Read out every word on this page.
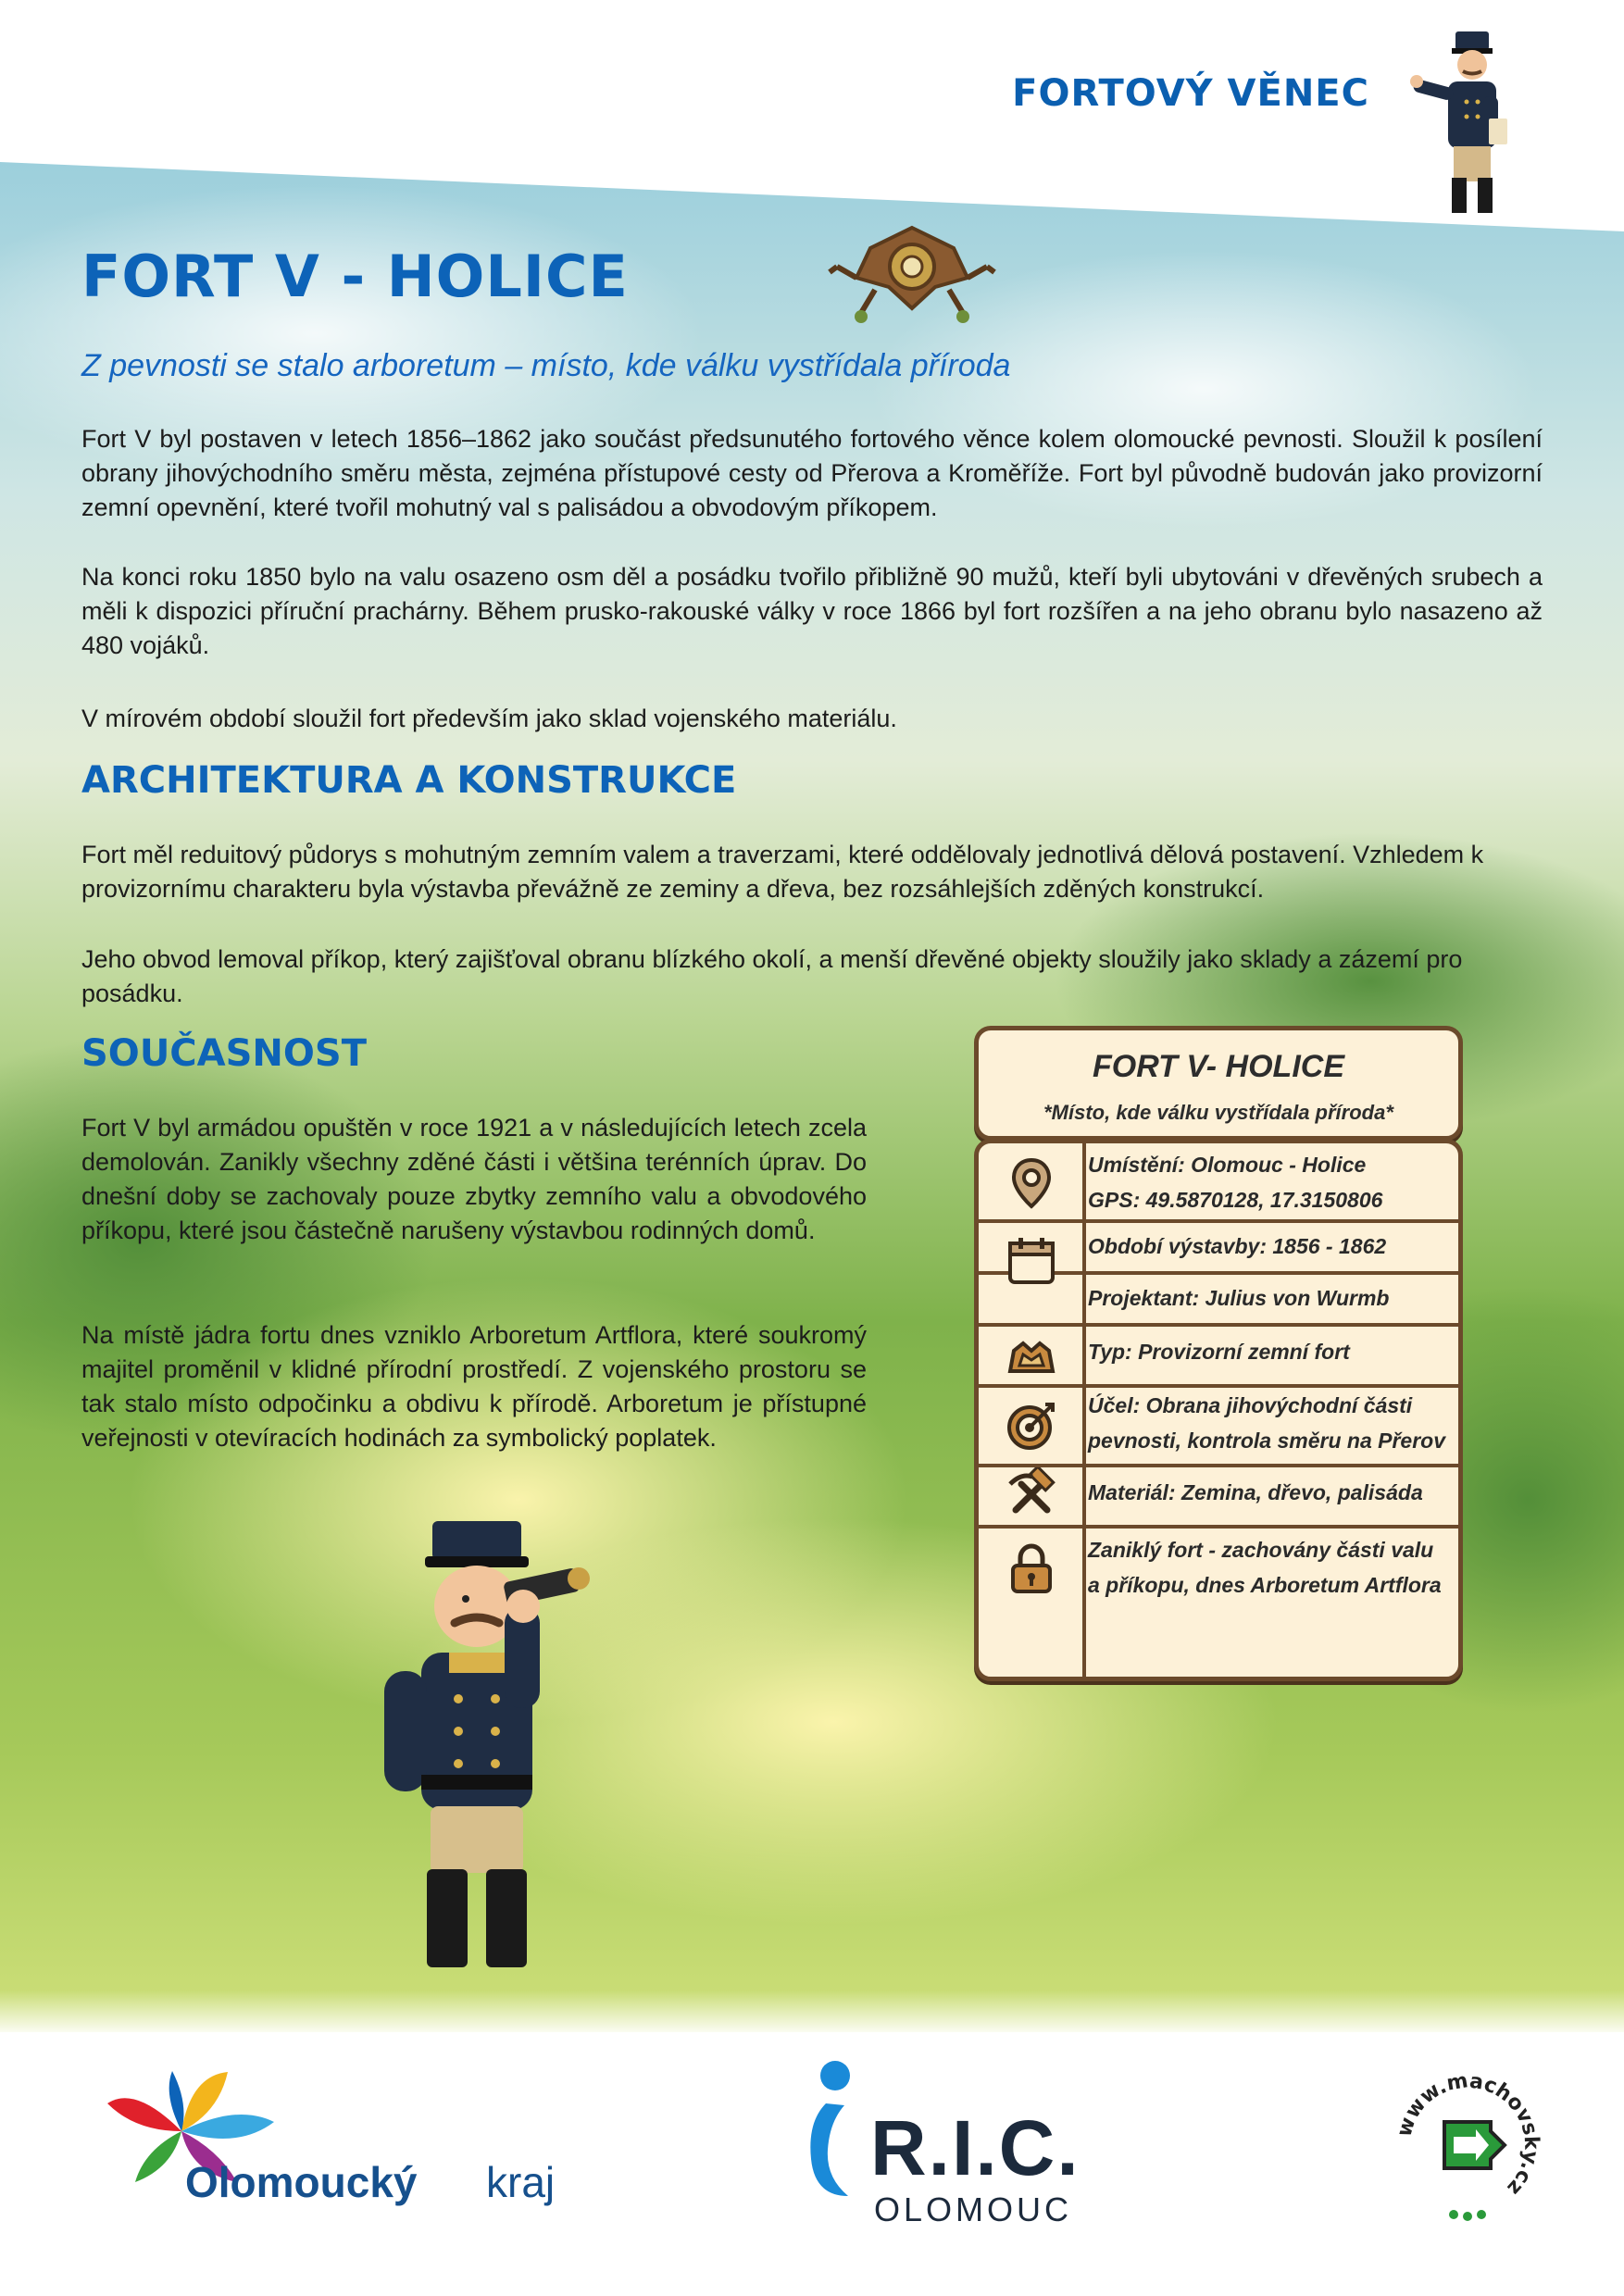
FORTOVÝ VĚNEC
FORT V - HOLICE
Z pevnosti se stalo arboretum – místo, kde válku vystřídala příroda

Fort V byl postaven v letech 1856–1862 jako součást předsunutého fortového věnce kolem olomoucké pevnosti. Sloužil k posílení obrany jihovýchodního směru města, zejména přístupové cesty od Přerova a Kroměříže. Fort byl původně budován jako provizorní zemní opevnění, které tvořil mohutný val s palisádou a obvodovým příkopem.

Na konci roku 1850 bylo na valu osazeno osm děl a posádku tvořilo přibližně 90 mužů, kteří byli ubytováni v dřevěných srubech a měli k dispozici příruční prachárny. Během prusko-rakouské války v roce 1866 byl fort rozšířen a na jeho obranu bylo nasazeno až 480 vojáků.

V mírovém období sloužil fort především jako sklad vojenského materiálu.

ARCHITEKTURA A KONSTRUKCE

Fort měl reduitový půdorys s mohutným zemním valem a traverzami, které oddělovaly jednotlivá dělová postavení. Vzhledem k provizornímu charakteru byla výstavba převážně ze zeminy a dřeva, bez rozsáhlejších zděných konstrukcí.

Jeho obvod lemoval příkop, který zajišťoval obranu blízkého okolí, a menší dřevěné objekty sloužily jako sklady a zázemí pro posádku.

SOUČASNOST

Fort V byl armádou opuštěn v roce 1921 a v následujících letech zcela demolován. Zanikly všechny zděné části i většina terénních úprav. Do dnešní doby se zachovaly pouze zbytky zemního valu a obvodového příkopu, které jsou částečně narušeny výstavbou rodinných domů.

Na místě jádra fortu dnes vzniklo Arboretum Artflora, které soukromý majitel proměnil v klidné přírodní prostředí. Z vojenského prostoru se tak stalo místo odpočinku a obdivu k přírodě. Arboretum je přístupné veřejnosti v otevíracích hodinách za symbolický poplatek.

FORT V- HOLICE
*Místo, kde válku vystřídala příroda*
Umístění: Olomouc - Holice
GPS: 49.5870128, 17.3150806
Období výstavby: 1856 - 1862
Projektant: Julius von Wurmb
Typ: Provizorní zemní fort
Účel: Obrana jihovýchodní části
pevnosti, kontrola směru na Přerov
Materiál: Zemina, dřevo, palisáda
Zaniklý fort - zachovány části valu
a příkopu, dnes Arboretum Artflora
Olomoucký kraj	R.I.C.
OLOMOUC
www.machovsky.cz
